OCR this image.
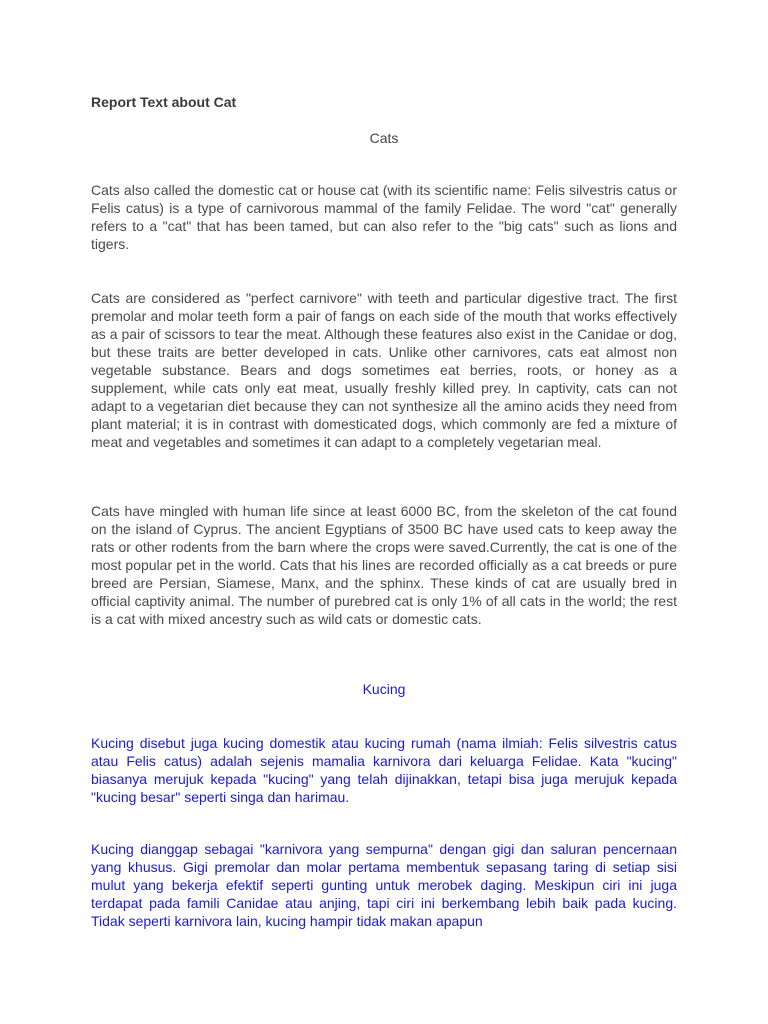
Report Text about Cat
Cats

Cats also called the domestic cat or house cat (with its scientific name: Felis silvestris catus or Felis catus) is a type of carnivorous mammal of the family Felidae. The word "cat" generally refers to a "cat" that has been tamed, but can also refer to the "big cats" such as lions and tigers.

Cats are considered as "perfect carnivore" with teeth and particular digestive tract. The first premolar and molar teeth form a pair of fangs on each side of the mouth that works effectively as a pair of scissors to tear the meat. Although these features also exist in the Canidae or dog, but these traits are better developed in cats. Unlike other carnivores, cats eat almost non vegetable substance. Bears and dogs sometimes eat berries, roots, or honey as a supplement, while cats only eat meat, usually freshly killed prey. In captivity, cats can not adapt to a vegetarian diet because they can not synthesize all the amino acids they need from plant material; it is in contrast with domesticated dogs, which commonly are fed a mixture of meat and vegetables and sometimes it can adapt to a completely vegetarian meal.

Cats have mingled with human life since at least 6000 BC, from the skeleton of the cat found on the island of Cyprus. The ancient Egyptians of 3500 BC have used cats to keep away the rats or other rodents from the barn where the crops were saved.Currently, the cat is one of the most popular pet in the world. Cats that his lines are recorded officially as a cat breeds or pure breed are Persian, Siamese, Manx, and the sphinx. These kinds of cat are usually bred in official captivity animal. The number of purebred cat is only 1% of all cats in the world; the rest is a cat with mixed ancestry such as wild cats or domestic cats.

Kucing

Kucing disebut juga kucing domestik atau kucing rumah (nama ilmiah: Felis silvestris catus atau Felis catus) adalah sejenis mamalia karnivora dari keluarga Felidae. Kata "kucing" biasanya merujuk kepada "kucing" yang telah dijinakkan, tetapi bisa juga merujuk kepada "kucing besar" seperti singa dan harimau.

Kucing dianggap sebagai "karnivora yang sempurna" dengan gigi dan saluran pencernaan yang khusus. Gigi premolar dan molar pertama membentuk sepasang taring di setiap sisi mulut yang bekerja efektif seperti gunting untuk merobek daging. Meskipun ciri ini juga terdapat pada famili Canidae atau anjing, tapi ciri ini berkembang lebih baik pada kucing. Tidak seperti karnivora lain, kucing hampir tidak makan apapun
